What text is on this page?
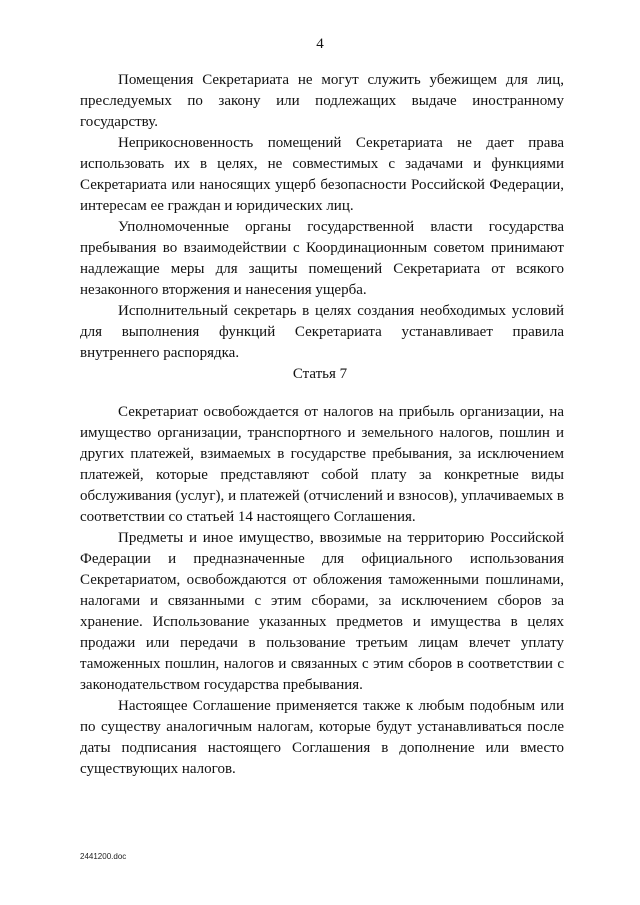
4

Помещения Секретариата не могут служить убежищем для лиц, преследуемых по закону или подлежащих выдаче иностранному государству.

Неприкосновенность помещений Секретариата не дает права использовать их в целях, не совместимых с задачами и функциями Секретариата или наносящих ущерб безопасности Российской Федерации, интересам ее граждан и юридических лиц.

Уполномоченные органы государственной власти государства пребывания во взаимодействии с Координационным советом принимают надлежащие меры для защиты помещений Секретариата от всякого незаконного вторжения и нанесения ущерба.

Исполнительный секретарь в целях создания необходимых условий для выполнения функций Секретариата устанавливает правила внутреннего распорядка.

Статья 7

Секретариат освобождается от налогов на прибыль организации, на имущество организации, транспортного и земельного налогов, пошлин и других платежей, взимаемых в государстве пребывания, за исключением платежей, которые представляют собой плату за конкретные виды обслуживания (услуг), и платежей (отчислений и взносов), уплачиваемых в соответствии со статьей 14 настоящего Соглашения.

Предметы и иное имущество, ввозимые на территорию Российской Федерации и предназначенные для официального использования Секретариатом, освобождаются от обложения таможенными пошлинами, налогами и связанными с этим сборами, за исключением сборов за хранение. Использование указанных предметов и имущества в целях продажи или передачи в пользование третьим лицам влечет уплату таможенных пошлин, налогов и связанных с этим сборов в соответствии с законодательством государства пребывания.

Настоящее Соглашение применяется также к любым подобным или по существу аналогичным налогам, которые будут устанавливаться после даты подписания настоящего Соглашения в дополнение или вместо существующих налогов.

2441200.doc
